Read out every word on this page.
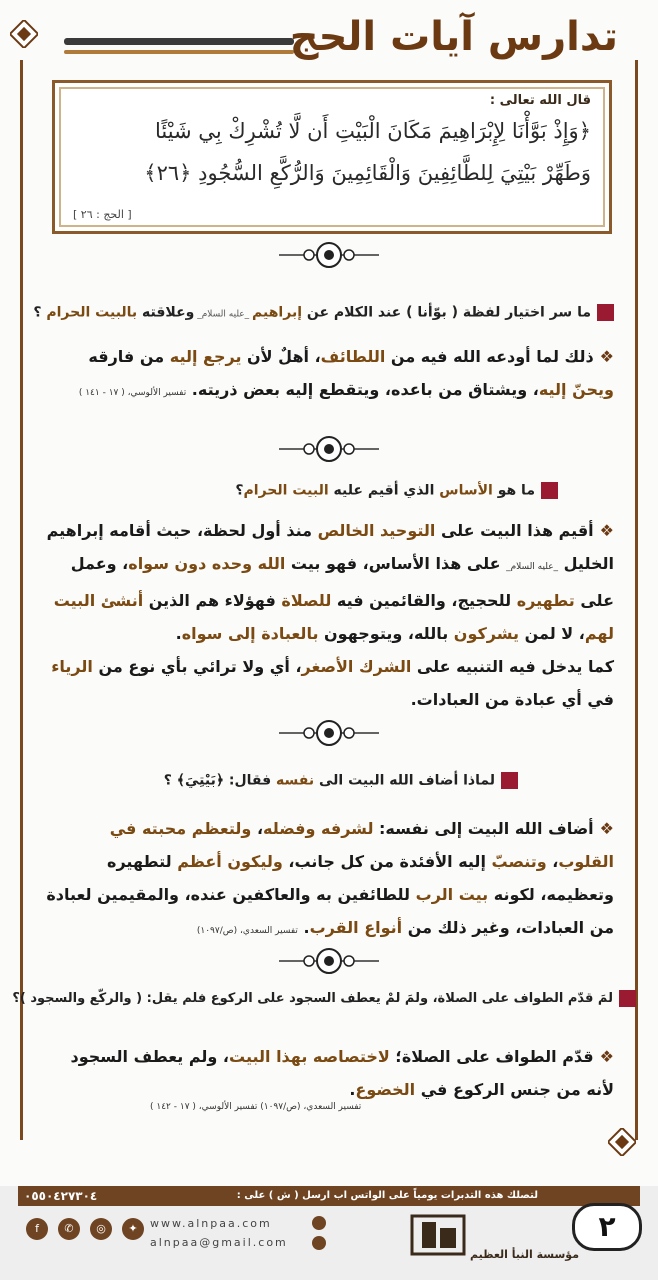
تدارس آيات الحج
قال الله تعالى :
﴿وَإِذْ بَوَّأْنَا لِإِبْرَاهِيمَ مَكَانَ الْبَيْتِ أَن لَّا تُشْرِكْ بِي شَيْئًا
وَطَهِّرْ بَيْتِيَ لِلطَّائِفِينَ وَالْقَائِمِينَ وَالرُّكَّعِ السُّجُودِ ﴿٢٦﴾
[ الحج : ٢٦ ]
ما سر اختيار لفظة ( بوّأنا ) عند الكلام عن إبراهيم _عليه السلام_ وعلاقته بالبيت الحرام ؟
❖ذلك لما أودعه الله فيه من اللطائف، أهلٌ لأن يرجع إليه من فارقه ويحنّ إليه، ويشتاق من باعده، ويتقطع إليه بعض ذريته. تفسير الألوسي، ( ١٧ - ١٤١ )
ما هو الأساس الذي أقيم عليه البيت الحرام؟
❖أقيم هذا البيت على التوحيد الخالص منذ أول لحظة، حيث أقامه إبراهيم الخليل _عليه السلام_ على هذا الأساس، فهو بيت الله وحده دون سواه، وعمل على تطهيره للحجيج، والقائمين فيه للصلاة فهؤلاء هم الذين أنشئ البيت لهم، لا لمن يشركون بالله، ويتوجهون بالعبادة إلى سواه.
كما يدخل فيه التنبيه على الشرك الأصغر، أي ولا ترائي بأي نوع من الرياء في أي عبادة من العبادات.
لماذا أضاف الله البيت الى نفسه فقال: ﴿بَيْتِيَ﴾ ؟
❖أضاف الله البيت إلى نفسه: لشرفه وفضله، ولتعظم محبته في القلوب، وتنصبّ إليه الأفئدة من كل جانب، وليكون أعظم لتطهيره وتعظيمه، لكونه بيت الرب للطائفين به والعاكفين عنده، والمقيمين لعبادة من العبادات، وغير ذلك من أنواع القرب. تفسير السعدي، (ص/١٠٩٧)
لمَ قدّم الطواف على الصلاة، ولمَ لمْ يعطف السجود على الركوع فلم يقل: ( والركّع والسجود )؟
❖قدّم الطواف على الصلاة؛ لاختصاصه بهذا البيت، ولم يعطف السجود لأنه من جنس الركوع في الخضوع.
تفسير السعدي، (ص/١٠٩٧) تفسير الألوسي، ( ١٧ - ١٤٢ )
لتصلك هذه التدبرات يومياً على الواتس اب ارسل ( ش ) على :
٠٥٥٠٤٢٧٣٠٤
f	✆	◎	✦	www.alnpaa.com
alnpaa@gmail.com
مؤسسة النبأ العظيم
٢
